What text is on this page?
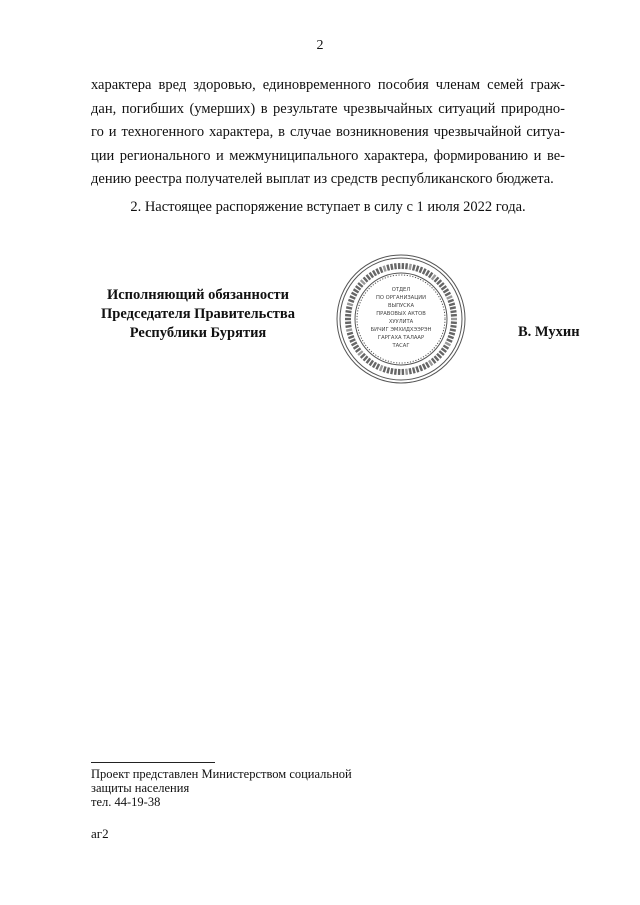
2
характера вред здоровью, единовременного пособия членам семей граж-
дан, погибших (умерших) в результате чрезвычайных ситуаций природно-
го и техногенного характера, в случае возникновения чрезвычайной ситуа-
ции регионального и межмуниципального характера, формированию и ве-
дению реестра получателей выплат из средств республиканского бюджета.
2. Настоящее распоряжение вступает в силу с 1 июля 2022 года.
Исполняющий обязанности
Председателя Правительства
Республики Бурятия
ОТДЕЛ
ПО ОРГАНИЗАЦИИ
ВЫПУСКА
ПРАВОВЫХ АКТОВ
ХУУЛИТА
БИЧИГ ЭМХИДХЭЭРЭН
ГАРГАХА ТАЛААР
ТАСАГ
В. Мухин
Проект представлен Министерством социальной
защиты населения
тел. 44-19-38
аг2
